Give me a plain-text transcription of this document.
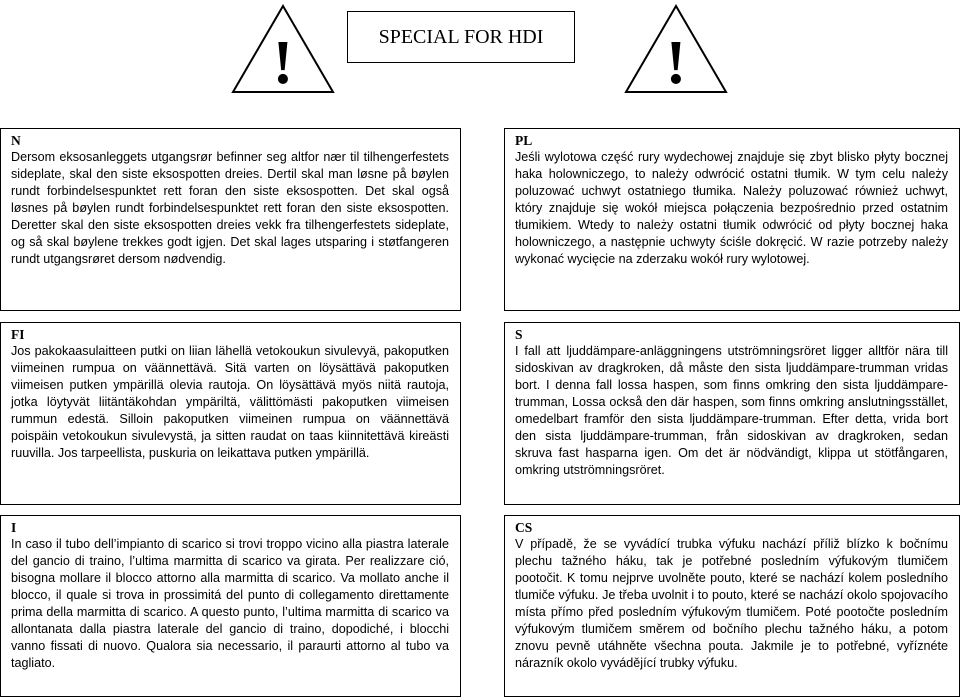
!	SPECIAL FOR HDI	!
N

Dersom eksosanleggets utgangsrør befinner seg altfor nær til tilhengerfestets sideplate, skal den siste eksospotten dreies. Dertil skal man løsne på bøylen rundt forbindelsespunktet rett foran den siste eksospotten. Det skal også løsnes på bøylen rundt forbindelsespunktet rett foran den siste eksospotten. Deretter skal den siste eksospotten dreies vekk fra tilhengerfestets sideplate, og så skal bøylene trekkes godt igjen. Det skal lages utsparing i støtfangeren rundt utgangsrøret dersom nødvendig.

PL

Jeśli wylotowa część rury wydechowej znajduje się zbyt blisko płyty bocznej haka holowniczego, to należy odwrócić ostatni tłumik. W tym celu należy poluzować uchwyt ostatniego tłumika. Należy poluzować również uchwyt, który znajduje się wokół miejsca połączenia bezpośrednio przed ostatnim tłumikiem. Wtedy to należy ostatni tłumik odwrócić od płyty bocznej haka holowniczego, a następnie uchwyty ściśle dokręcić. W razie potrzeby należy wykonać wycięcie na zderzaku wokół rury wylotowej.

FI

Jos pakokaasulaitteen putki on liian lähellä vetokoukun sivulevyä, pakoputken viimeinen rumpua on väännettävä. Sitä varten on löysättävä pakoputken viimeisen putken ympärillä olevia rautoja. On löysättävä myös niitä rautoja, jotka löytyvät liitäntäkohdan ympäriltä, välittömästi pakoputken viimeisen rummun edestä. Silloin pakoputken viimeinen rumpua on väännettävä poispäin vetokoukun sivulevystä, ja sitten raudat on taas kiinnitettävä kireästi ruuvilla. Jos tarpeellista, puskuria on leikattava putken ympärillä.

S

I fall att ljuddämpare-anläggningens utströmningsröret ligger alltför nära till sidoskivan av dragkroken, då måste den sista ljuddämpare-trumman vridas bort. I denna fall lossa haspen, som finns omkring den sista ljuddämpare-trumman, Lossa också den där haspen, som finns omkring anslutningsstället, omedelbart framför den sista ljuddämpare-trumman. Efter detta, vrida bort den sista ljuddämpare-trumman, från sidoskivan av dragkroken, sedan skruva fast hasparna igen. Om det är nödvändigt, klippa ut stötfångaren, omkring utströmningsröret.

I

In caso il tubo dell’impianto di scarico si trovi troppo vicino alla piastra laterale del gancio di traino, l’ultima marmitta di scarico va girata. Per realizzare ció, bisogna mollare il blocco attorno alla marmitta di scarico. Va mollato anche il blocco, il quale si trova in prossimitá del punto di collegamento direttamente prima della marmitta di scarico. A questo punto, l’ultima marmitta di scarico va allontanata dalla piastra laterale del gancio di traino, dopodiché, i blocchi vanno fissati di nuovo. Qualora sia necessario, il paraurti attorno al tubo va tagliato.

CS

V případě, že se vyvádící trubka výfuku nachází příliž blízko k bočnímu plechu tažného háku, tak je potřebné posledním výfukovým tlumičem pootočit. K tomu nejprve uvolněte pouto, které se nachází kolem posledního tlumiče výfuku. Je třeba uvolnit i to pouto, které se nachází okolo spojovacího místa přímo před posledním výfukovým tlumičem. Poté pootočte posledním výfukovým tlumičem směrem od bočního plechu tažného háku, a potom znovu pevně utáhněte všechna pouta. Jakmile je to potřebné, vyříznéte nárazník okolo vyvádějící trubky výfuku.
